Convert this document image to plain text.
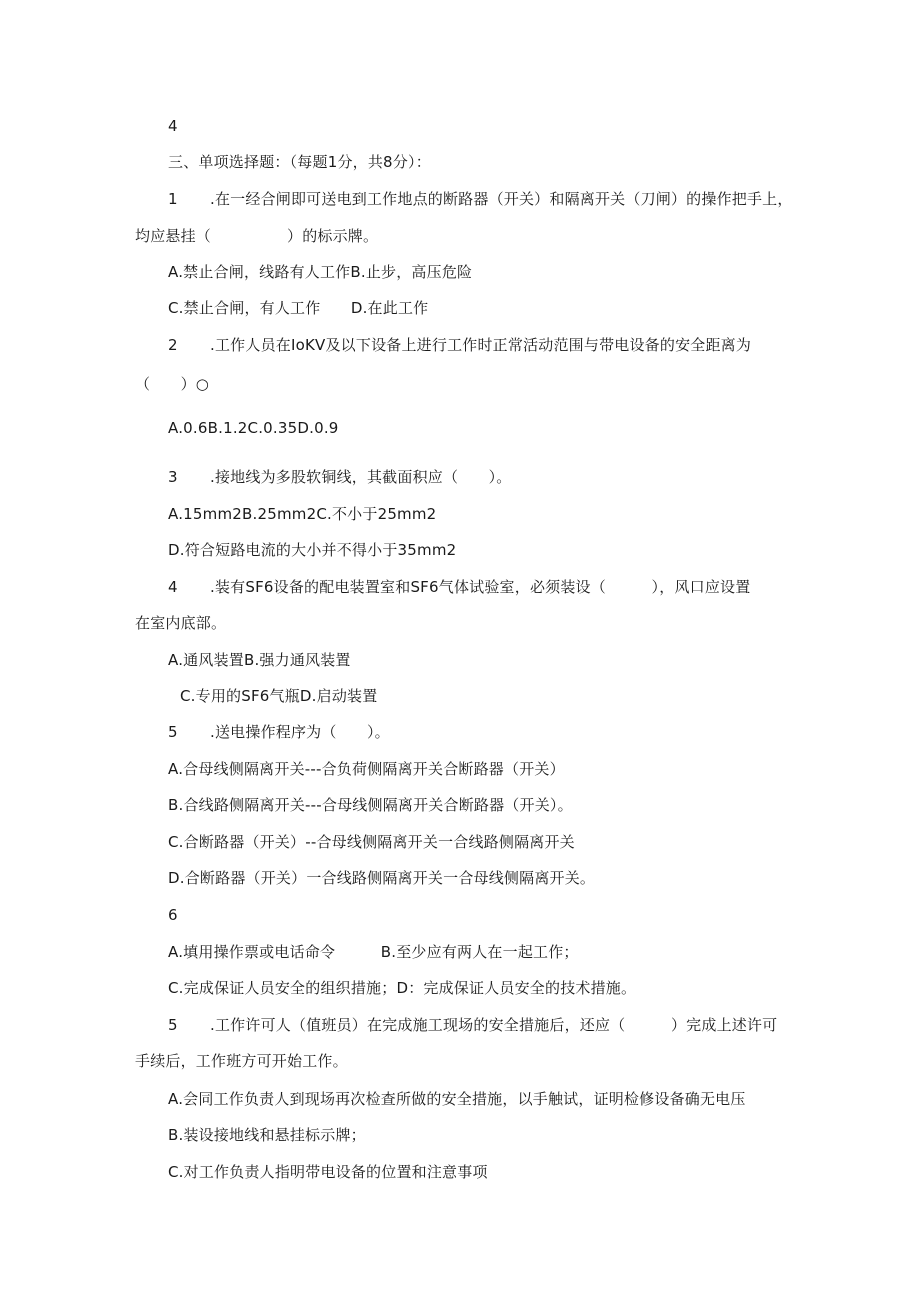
4
三、单项选择题：（每题1分，共8分）：
1 .在一经合闸即可送电到工作地点的断路器（开关）和隔离开关（刀闸）的操作把手上，
均应悬挂（　　　　　）的标示牌。
A.禁止合闸，线路有人工作B.止步，高压危险
C.禁止合闸，有人工作　　D.在此工作
2 .工作人员在IoKV及以下设备上进行工作时正常活动范围与带电设备的安全距离为
（　　）○
A.0.6B.1.2C.0.35D.0.9
3 .接地线为多股软铜线，其截面积应（　　）。
A.15mm2B.25mm2C.不小于25mm2
D.符合短路电流的大小并不得小于35mm2
4 .装有SF6设备的配电装置室和SF6气体试验室，必须装设（　　　），风口应设置
在室内底部。
A.通风装置B.强力通风装置
C.专用的SF6气瓶D.启动装置
5 .送电操作程序为（　　）。
A.合母线侧隔离开关---合负荷侧隔离开关合断路器（开关）
B.合线路侧隔离开关---合母线侧隔离开关合断路器（开关）。
C.合断路器（开关）--合母线侧隔离开关一合线路侧隔离开关
D.合断路器（开关）一合线路侧隔离开关一合母线侧隔离开关。
6
A.填用操作票或电话命令　　　B.至少应有两人在一起工作；
C.完成保证人员安全的组织措施；D：完成保证人员安全的技术措施。
5 .工作许可人（值班员）在完成施工现场的安全措施后，还应（　　　）完成上述许可
手续后，工作班方可开始工作。
A.会同工作负责人到现场再次检查所做的安全措施，以手触试，证明检修设备确无电压
B.装设接地线和悬挂标示牌；
C.对工作负责人指明带电设备的位置和注意事项
